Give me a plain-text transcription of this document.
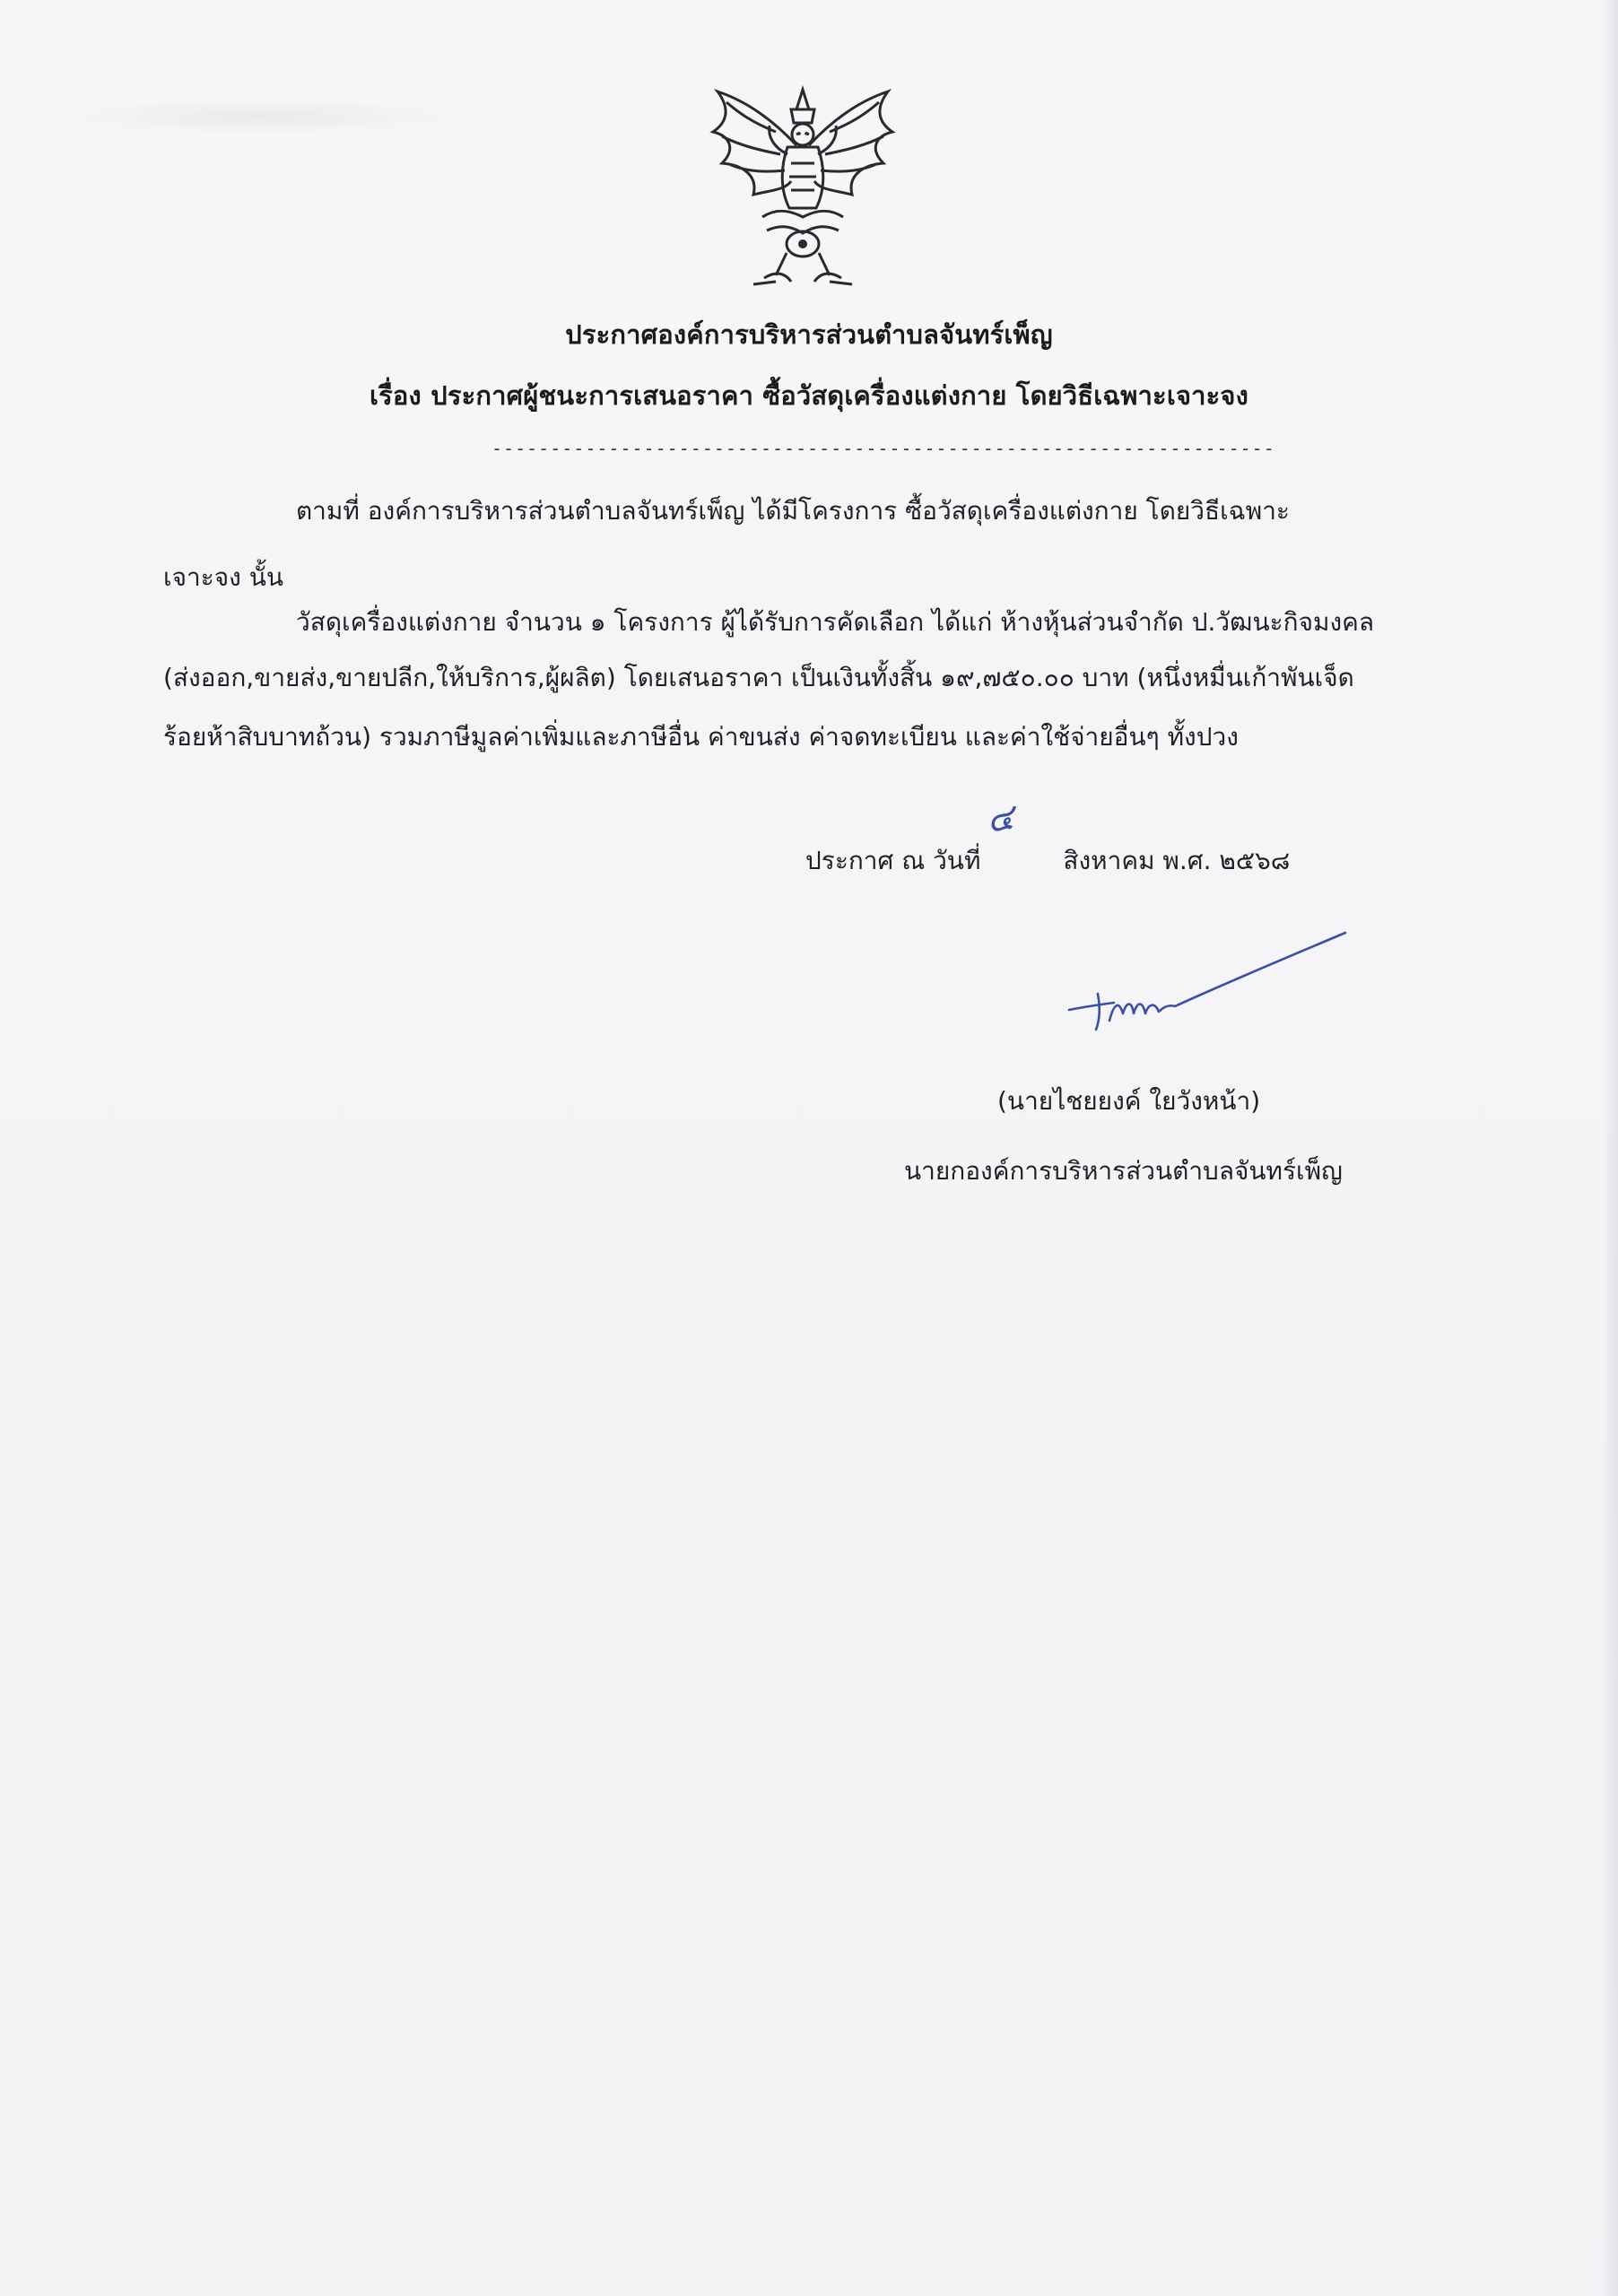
ประกาศองค์การบริหารส่วนตำบลจันทร์เพ็ญ
เรื่อง ประกาศผู้ชนะการเสนอราคา ซื้อวัสดุเครื่องแต่งกาย โดยวิธีเฉพาะเจาะจง
-------------------------------------------------------------------
ตามที่ องค์การบริหารส่วนตำบลจันทร์เพ็ญ ได้มีโครงการ ซื้อวัสดุเครื่องแต่งกาย โดยวิธีเฉพาะ
เจาะจง นั้น
วัสดุเครื่องแต่งกาย จำนวน ๑ โครงการ ผู้ได้รับการคัดเลือก ได้แก่ ห้างหุ้นส่วนจำกัด ป.วัฒนะกิจมงคล
(ส่งออก,ขายส่ง,ขายปลีก,ให้บริการ,ผู้ผลิต) โดยเสนอราคา เป็นเงินทั้งสิ้น ๑๙,๗๕๐.๐๐ บาท (หนึ่งหมื่นเก้าพันเจ็ด
ร้อยห้าสิบบาทถ้วน) รวมภาษีมูลค่าเพิ่มและภาษีอื่น ค่าขนส่ง ค่าจดทะเบียน และค่าใช้จ่ายอื่นๆ ทั้งปวง
ประกาศ ณ วันที่	สิงหาคม พ.ศ. ๒๕๖๘
๔
(นายไชยยงค์ ใยวังหน้า)
นายกองค์การบริหารส่วนตำบลจันทร์เพ็ญ
